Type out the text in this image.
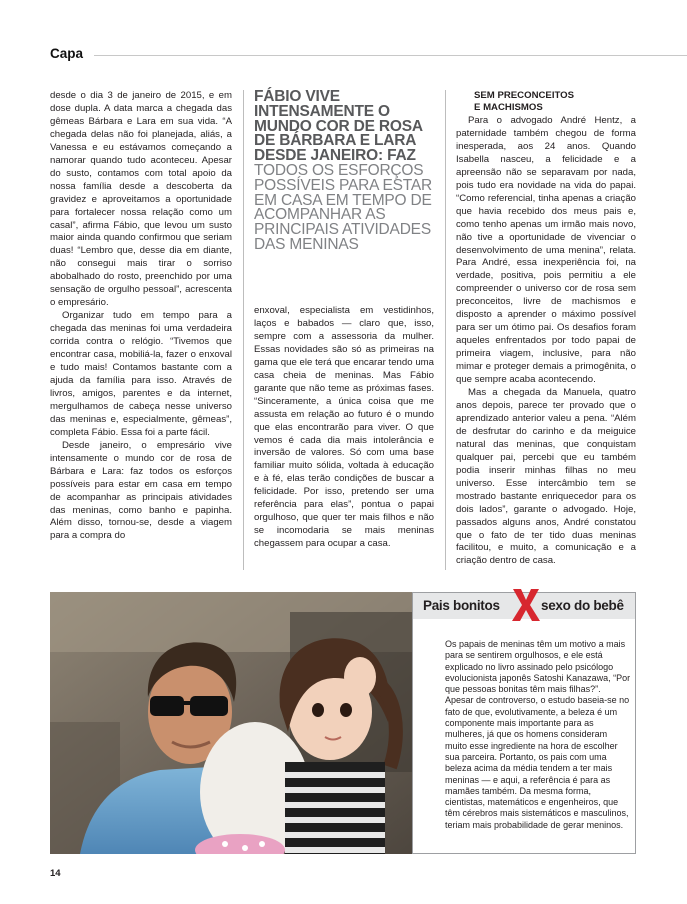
Capa

desde o dia 3 de janeiro de 2015, e em dose dupla. A data marca a chegada das gêmeas Bárbara e Lara em sua vida. “A chegada delas não foi planejada, aliás, a Vanessa e eu estávamos começando a namorar quando tudo aconteceu. Apesar do susto, contamos com total apoio da nossa família desde a descoberta da gravidez e aproveitamos a oportunidade para fortalecer nossa relação como um casal”, afirma Fábio, que levou um susto maior ainda quando confirmou que seriam duas! “Lembro que, desse dia em diante, não consegui mais tirar o sorriso abobalhado do rosto, preenchido por uma sensação de orgulho pessoal”, acrescenta o empresário.

Organizar tudo em tempo para a chegada das meninas foi uma verdadeira corrida contra o relógio. “Tivemos que encontrar casa, mobiliá-la, fazer o enxoval e tudo mais! Contamos bastante com a ajuda da família para isso. Através de livros, amigos, parentes e da internet, mergulhamos de cabeça nesse universo das meninas e, especialmente, gêmeas”, completa Fábio. Essa foi a parte fácil.

Desde janeiro, o empresário vive intensamente o mundo cor de rosa de Bárbara e Lara: faz todos os esforços possíveis para estar em casa em tempo de acompanhar as principais atividades das meninas, como banho e papinha. Além disso, tornou-se, desde a viagem para a compra do

FÁBIO VIVE INTENSAMENTE O MUNDO COR DE ROSA DE BÁRBARA E LARA DESDE JANEIRO: FAZ TODOS OS ESFORÇOS POSSÍVEIS PARA ESTAR EM CASA EM TEMPO DE ACOMPANHAR AS PRINCIPAIS ATIVIDADES DAS MENINAS

enxoval, especialista em vestidinhos, laços e babados — claro que, isso, sempre com a assessoria da mulher. Essas novidades são só as primeiras na gama que ele terá que encarar tendo uma casa cheia de meninas. Mas Fábio garante que não teme as próximas fases. “Sinceramente, a única coisa que me assusta em relação ao futuro é o mundo que elas encontrarão para viver. O que vemos é cada dia mais intolerância e inversão de valores. Só com uma base familiar muito sólida, voltada à educação e à fé, elas terão condições de buscar a felicidade. Por isso, pretendo ser uma referência para elas”, pontua o papai orgulhoso, que quer ter mais filhos e não se incomodaria se mais meninas chegassem para ocupar a casa.

SEM PRECONCEITOS
E MACHISMOS

Para o advogado André Hentz, a paternidade também chegou de forma inesperada, aos 24 anos. Quando Isabella nasceu, a felicidade e a apreensão não se separavam por nada, pois tudo era novidade na vida do papai. “Como referencial, tinha apenas a criação que havia recebido dos meus pais e, como tenho apenas um irmão mais novo, não tive a oportunidade de vivenciar o desenvolvimento de uma menina”, relata. Para André, essa inexperiência foi, na verdade, positiva, pois permitiu a ele compreender o universo cor de rosa sem preconceitos, livre de machismos e disposto a aprender o máximo possível para ser um ótimo pai. Os desafios foram aqueles enfrentados por todo papai de primeira viagem, inclusive, para não mimar e proteger demais a primogênita, o que sempre acaba acontecendo.

Mas a chegada da Manuela, quatro anos depois, parece ter provado que o aprendizado anterior valeu a pena. “Além de desfrutar do carinho e da meiguice natural das meninas, que conquistam qualquer pai, percebi que eu também podia inserir minhas filhas no meu universo. Esse intercâmbio tem se mostrado bastante enriquecedor para os dois lados”, garante o advogado. Hoje, passados alguns anos, André constatou que o fato de ter tido duas meninas facilitou, e muito, a comunicação e a criação dentro de casa.

Pais bonitos	sexo do bebê
Os papais de meninas têm um motivo a mais para se sentirem orgulhosos, e ele está explicado no livro assinado pelo psicólogo evolucionista japonês Satoshi Kanazawa, “Por que pessoas bonitas têm mais filhas?”. Apesar de controverso, o estudo baseia-se no fato de que, evolutivamente, a beleza é um componente mais importante para as mulheres, já que os homens consideram muito esse ingrediente na hora de escolher sua parceira. Portanto, os pais com uma beleza acima da média tendem a ter mais meninas — e aqui, a referência é para as mamães também. Da mesma forma, cientistas, matemáticos e engenheiros, que têm cérebros mais sistemáticos e masculinos, teriam mais probabilidade de gerar meninos.
14
